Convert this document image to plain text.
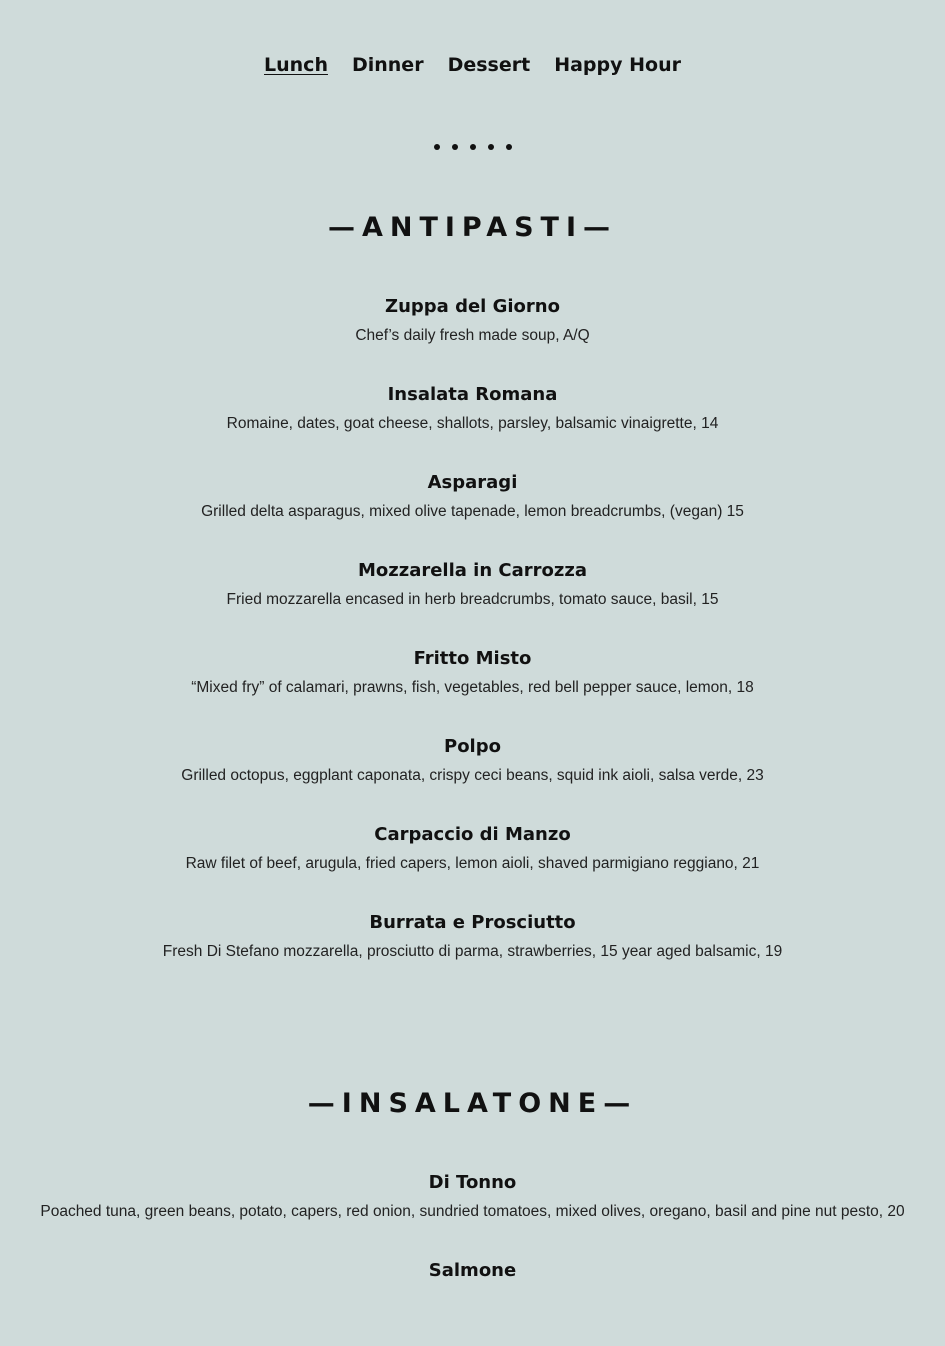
Lunch Dinner Dessert Happy Hour
—ANTIPASTI—
Zuppa del Giorno
Chef’s daily fresh made soup, A/Q
Insalata Romana
Romaine, dates, goat cheese, shallots, parsley, balsamic vinaigrette, 14
Asparagi
Grilled delta asparagus, mixed olive tapenade, lemon breadcrumbs, (vegan) 15
Mozzarella in Carrozza
Fried mozzarella encased in herb breadcrumbs, tomato sauce, basil, 15
Fritto Misto
“Mixed fry” of calamari, prawns, fish, vegetables, red bell pepper sauce, lemon, 18
Polpo
Grilled octopus, eggplant caponata, crispy ceci beans, squid ink aioli, salsa verde, 23
Carpaccio di Manzo
Raw filet of beef, arugula, fried capers, lemon aioli, shaved parmigiano reggiano, 21
Burrata e Prosciutto
Fresh Di Stefano mozzarella, prosciutto di parma, strawberries, 15 year aged balsamic, 19
—INSALATONE—
Di Tonno
Poached tuna, green beans, potato, capers, red onion, sundried tomatoes, mixed olives, oregano, basil and pine nut pesto, 20
Salmone
